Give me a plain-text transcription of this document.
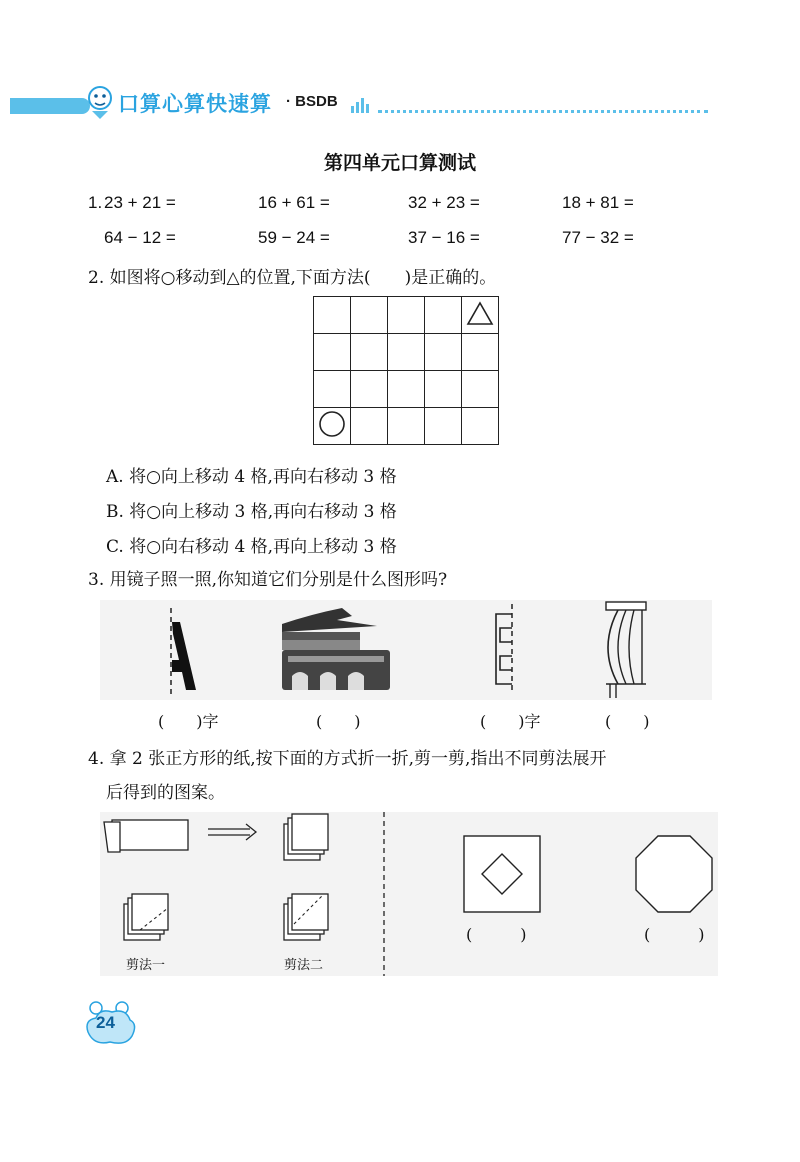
口算心算快速算 · BSDB
第四单元口算测试
1. 23 + 21 =	16 + 61 =	32 + 23 =	18 + 81 =
64 − 12 =	59 − 24 =	37 − 16 =	77 − 32 =
2. 如图将○移动到△的位置,下面方法(　　)是正确的。

A. 将○向上移动 4 格,再向右移动 3 格
B. 将○向上移动 3 格,再向右移动 3 格
C. 将○向右移动 4 格,再向上移动 3 格
3. 用镜子照一照,你知道它们分别是什么图形吗?
(　　)字	(　　)	(　　)字	(　　)
4. 拿 2 张正方形的纸,按下面的方式折一折,剪一剪,指出不同剪法展开
后得到的图案。
剪法一	剪法二
(　　　)	(　　　)
24
